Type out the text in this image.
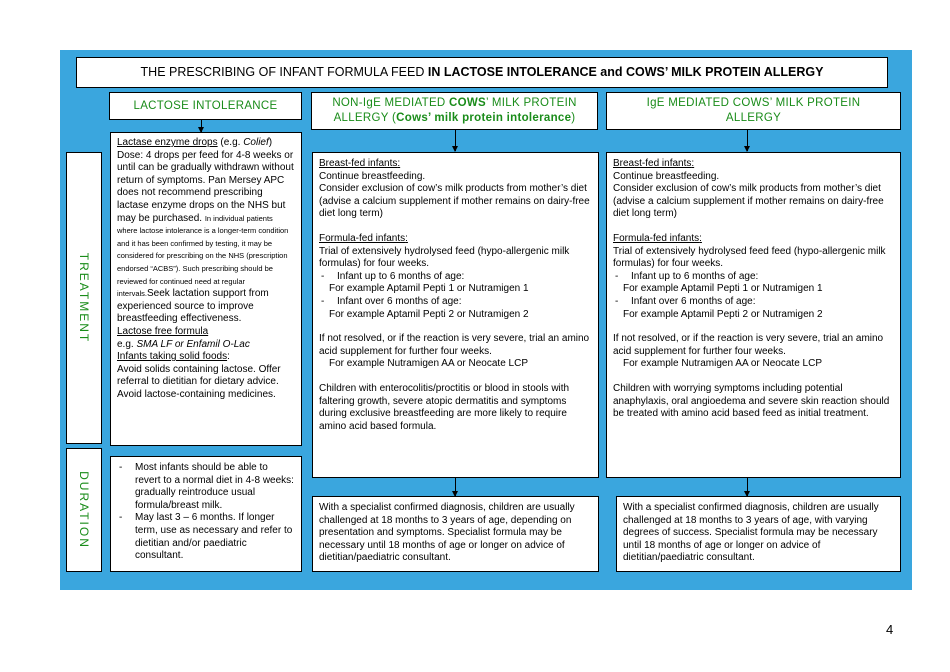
THE PRESCRIBING OF INFANT FORMULA FEED IN LACTOSE INTOLERANCE and COWS’ MILK PROTEIN ALLERGY
LACTOSE INTOLERANCE	NON-IgE MEDIATED COWS’ MILK PROTEIN ALLERGY (Cows’ milk protein intolerance)
IgE MEDIATED COWS’ MILK PROTEIN ALLERGY
TREATMENT
DURATION

Lactase enzyme drops (e.g. Colief) Dose: 4 drops per feed for 4-8 weeks or until can be gradually withdrawn without return of symptoms. Pan Mersey APC does not recommend prescribing lactase enzyme drops on the NHS but may be purchased. In individual patients where lactose intolerance is a longer-term condition and it has been confirmed by testing, it may be considered for prescribing on the NHS (prescription endorsed “ACBS”). Such prescribing should be reviewed for continued need at regular intervals.Seek lactation support from experienced source to improve breastfeeding effectiveness.

Lactose free formula

e.g. SMA LF or Enfamil O-Lac

Infants taking solid foods:

Avoid solids containing lactose. Offer referral to dietitian for dietary advice. Avoid lactose-containing medicines.

Breast-fed infants:

Continue breastfeeding.
Consider exclusion of cow’s milk products from mother’s diet (advise a calcium supplement if mother remains on dairy-free diet long term)

Formula-fed infants:

Trial of extensively hydrolysed feed (hypo-allergenic milk formulas) for four weeks.

- Infant up to 6 months of age:

For example Aptamil Pepti 1 or Nutramigen 1

- Infant over 6 months of age:

For example Aptamil Pepti 2 or Nutramigen 2

If not resolved, or if the reaction is very severe, trial an amino acid supplement for further four weeks.

For example Nutramigen AA or Neocate LCP

Children with enterocolitis/proctitis or blood in stools with faltering growth, severe atopic dermatitis and symptoms during exclusive breastfeeding are more likely to require amino acid based formula.

Breast-fed infants:

Continue breastfeeding.
Consider exclusion of cow’s milk products from mother’s diet (advise a calcium supplement if mother remains on dairy-free diet long term)

Formula-fed infants:

Trial of extensively hydrolysed feed feed (hypo-allergenic milk formulas) for four weeks.

- Infant up to 6 months of age:

For example Aptamil Pepti 1 or Nutramigen 1

- Infant over 6 months of age:

For example Aptamil Pepti 2 or Nutramigen 2

If not resolved, or if the reaction is very severe, trial an amino acid supplement for further four weeks.

For example Nutramigen AA or Neocate LCP

Children with worrying symptoms including potential anaphylaxis, oral angioedema and severe skin reaction should be treated with amino acid based feed as initial treatment.

- Most infants should be able to revert to a normal diet in 4-8 weeks: gradually reintroduce usual formula/breast milk.
- May last 3 – 6 months. If longer term, use as necessary and refer to dietitian and/or paediatric consultant.

With a specialist confirmed diagnosis, children are usually challenged at 18 months to 3 years of age, depending on presentation and symptoms. Specialist formula may be necessary until 18 months of age or longer on advice of dietitian/paediatric consultant.

With a specialist confirmed diagnosis, children are usually challenged at 18 months to 3 years of age, with varying degrees of success. Specialist formula may be necessary until 18 months of age or longer on advice of dietitian/paediatric consultant.

4
